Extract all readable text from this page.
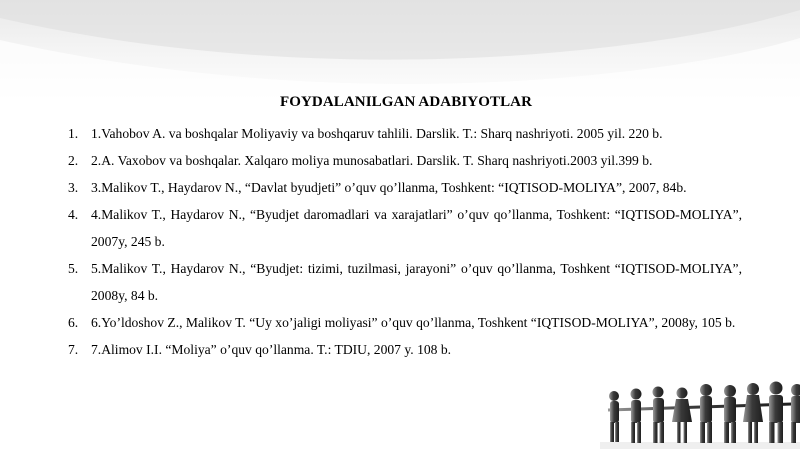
FOYDALANILGAN ADABIYOTLAR
1. 1.Vahobov A. va boshqalar Moliyaviy va boshqaruv tahlili. Darslik. T.: Sharq nashriyoti. 2005 yil. 220 b.
2. 2.A. Vaxobov va boshqalar. Xalqaro moliya munosabatlari. Darslik. T. Sharq nashriyoti.2003 yil.399 b.
3. 3.Malikov T., Haydarov N., “Davlat byudjeti” o’quv qo’llanma, Toshkent: “IQTISOD-MOLIYA”, 2007, 84b.
4. 4.Malikov T., Haydarov N., “Byudjet daromadlari va xarajatlari” o’quv qo’llanma, Toshkent: “IQTISOD-MOLIYA”, 2007y, 245 b.
5. 5.Malikov T., Haydarov N., “Byudjet: tizimi, tuzilmasi, jarayoni” o’quv qo’llanma, Toshkent “IQTISOD-MOLIYA”, 2008y, 84 b.
6. 6.Yo’ldoshov Z., Malikov T. “Uy xo’jaligi moliyasi” o’quv qo’llanma, Toshkent “IQTISOD-MOLIYA”, 2008y, 105 b.
7. 7.Alimov I.I. “Moliya” o’quv qo’llanma. T.: TDIU, 2007 y. 108 b.
